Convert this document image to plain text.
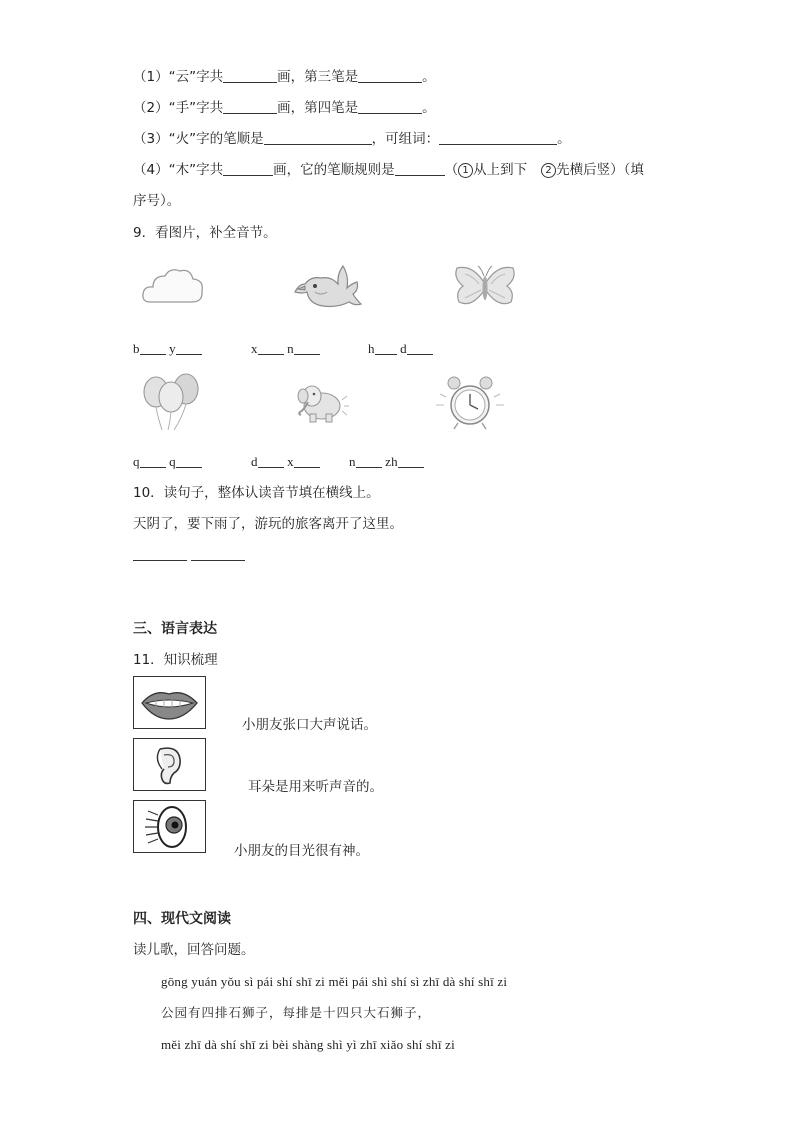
（1）“云”字共	画，第三笔是	。
（2）“手”字共	画，第四笔是	。
（3）“火”字的笔顺是	，可组词：	。
（4）“木”字共	画，它的笔顺规则是	（ 1 从上到下 2 先横后竖）（填
序号）。
9．看图片，补全音节。
b y	x n	h d
q q	d x	n zh
10．读句子，整体认读音节填在横线上。
天阴了，要下雨了，游玩的旅客离开了这里。

三、语言表达
11．知识梳理
小朋友张口大声说话。
耳朵是用来听声音的。
小朋友的目光很有神。
四、现代文阅读
读儿歌，回答问题。
gōng yuán yǒu sì pái shí shī zi měi pái shì shí sì zhī dà shí shī zi
公园有四排石狮子，每排是十四只大石狮子，
měi zhī dà shí shī zi bèi shàng shì yì zhī xiǎo shí shī zi
